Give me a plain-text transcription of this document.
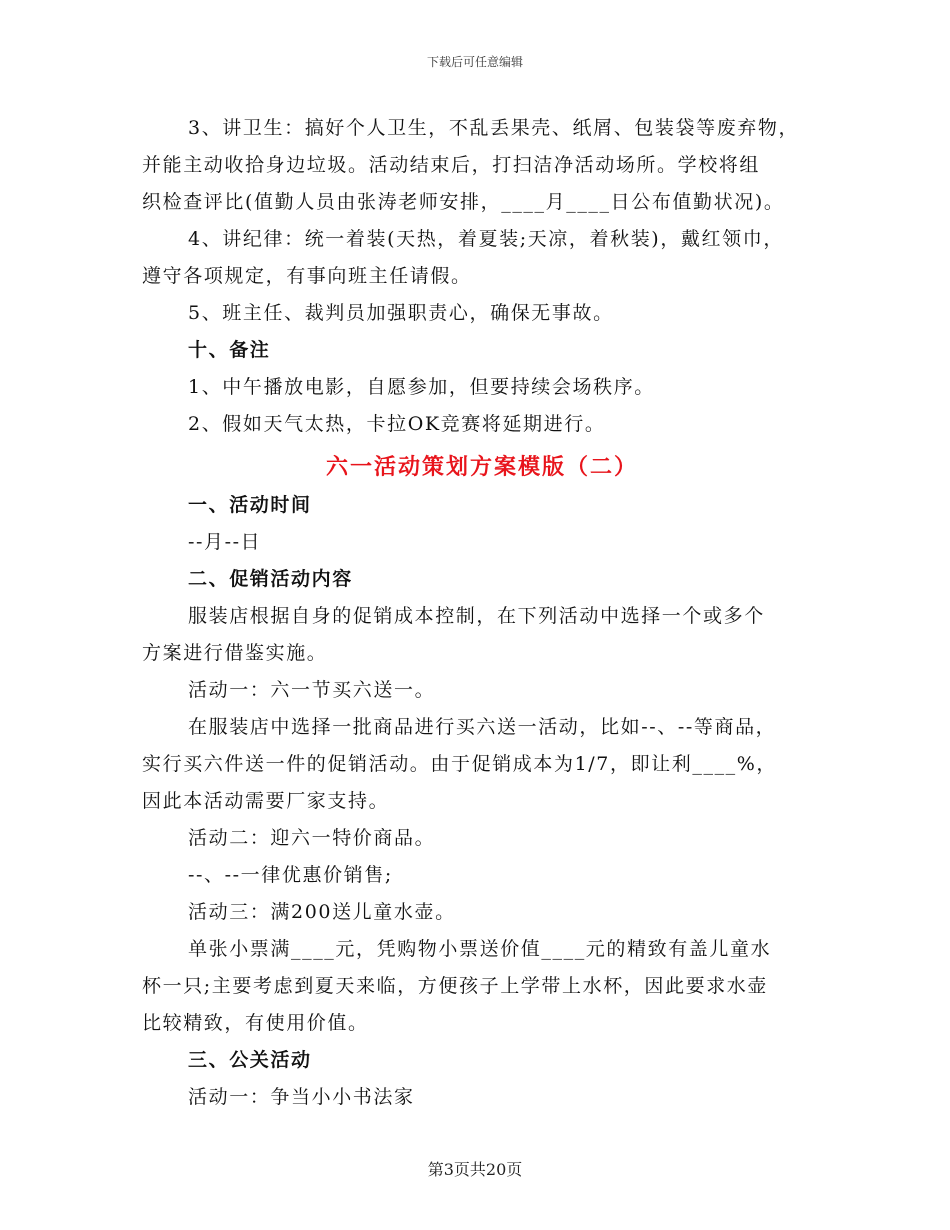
下载后可任意编辑

3、讲卫生：搞好个人卫生，不乱丢果壳、纸屑、包装袋等废弃物，

并能主动收拾身边垃圾。活动结束后，打扫洁净活动场所。学校将组

织检查评比(值勤人员由张涛老师安排，____月____日公布值勤状况)。

4、讲纪律：统一着装(天热，着夏装;天凉，着秋装)，戴红领巾，

遵守各项规定，有事向班主任请假。

5、班主任、裁判员加强职责心，确保无事故。

十、备注

1、中午播放电影，自愿参加，但要持续会场秩序。

2、假如天气太热，卡拉OK竞赛将延期进行。

六一活动策划方案模版（二）

一、活动时间

--月--日

二、促销活动内容

服装店根据自身的促销成本控制，在下列活动中选择一个或多个

方案进行借鉴实施。

活动一：六一节买六送一。

在服装店中选择一批商品进行买六送一活动，比如--、--等商品，

实行买六件送一件的促销活动。由于促销成本为1/7，即让利____%，

因此本活动需要厂家支持。

活动二：迎六一特价商品。

--、--一律优惠价销售;

活动三：满200送儿童水壶。

单张小票满____元，凭购物小票送价值____元的精致有盖儿童水

杯一只;主要考虑到夏天来临，方便孩子上学带上水杯，因此要求水壶

比较精致，有使用价值。

三、公关活动

活动一：争当小小书法家

第3页共20页
